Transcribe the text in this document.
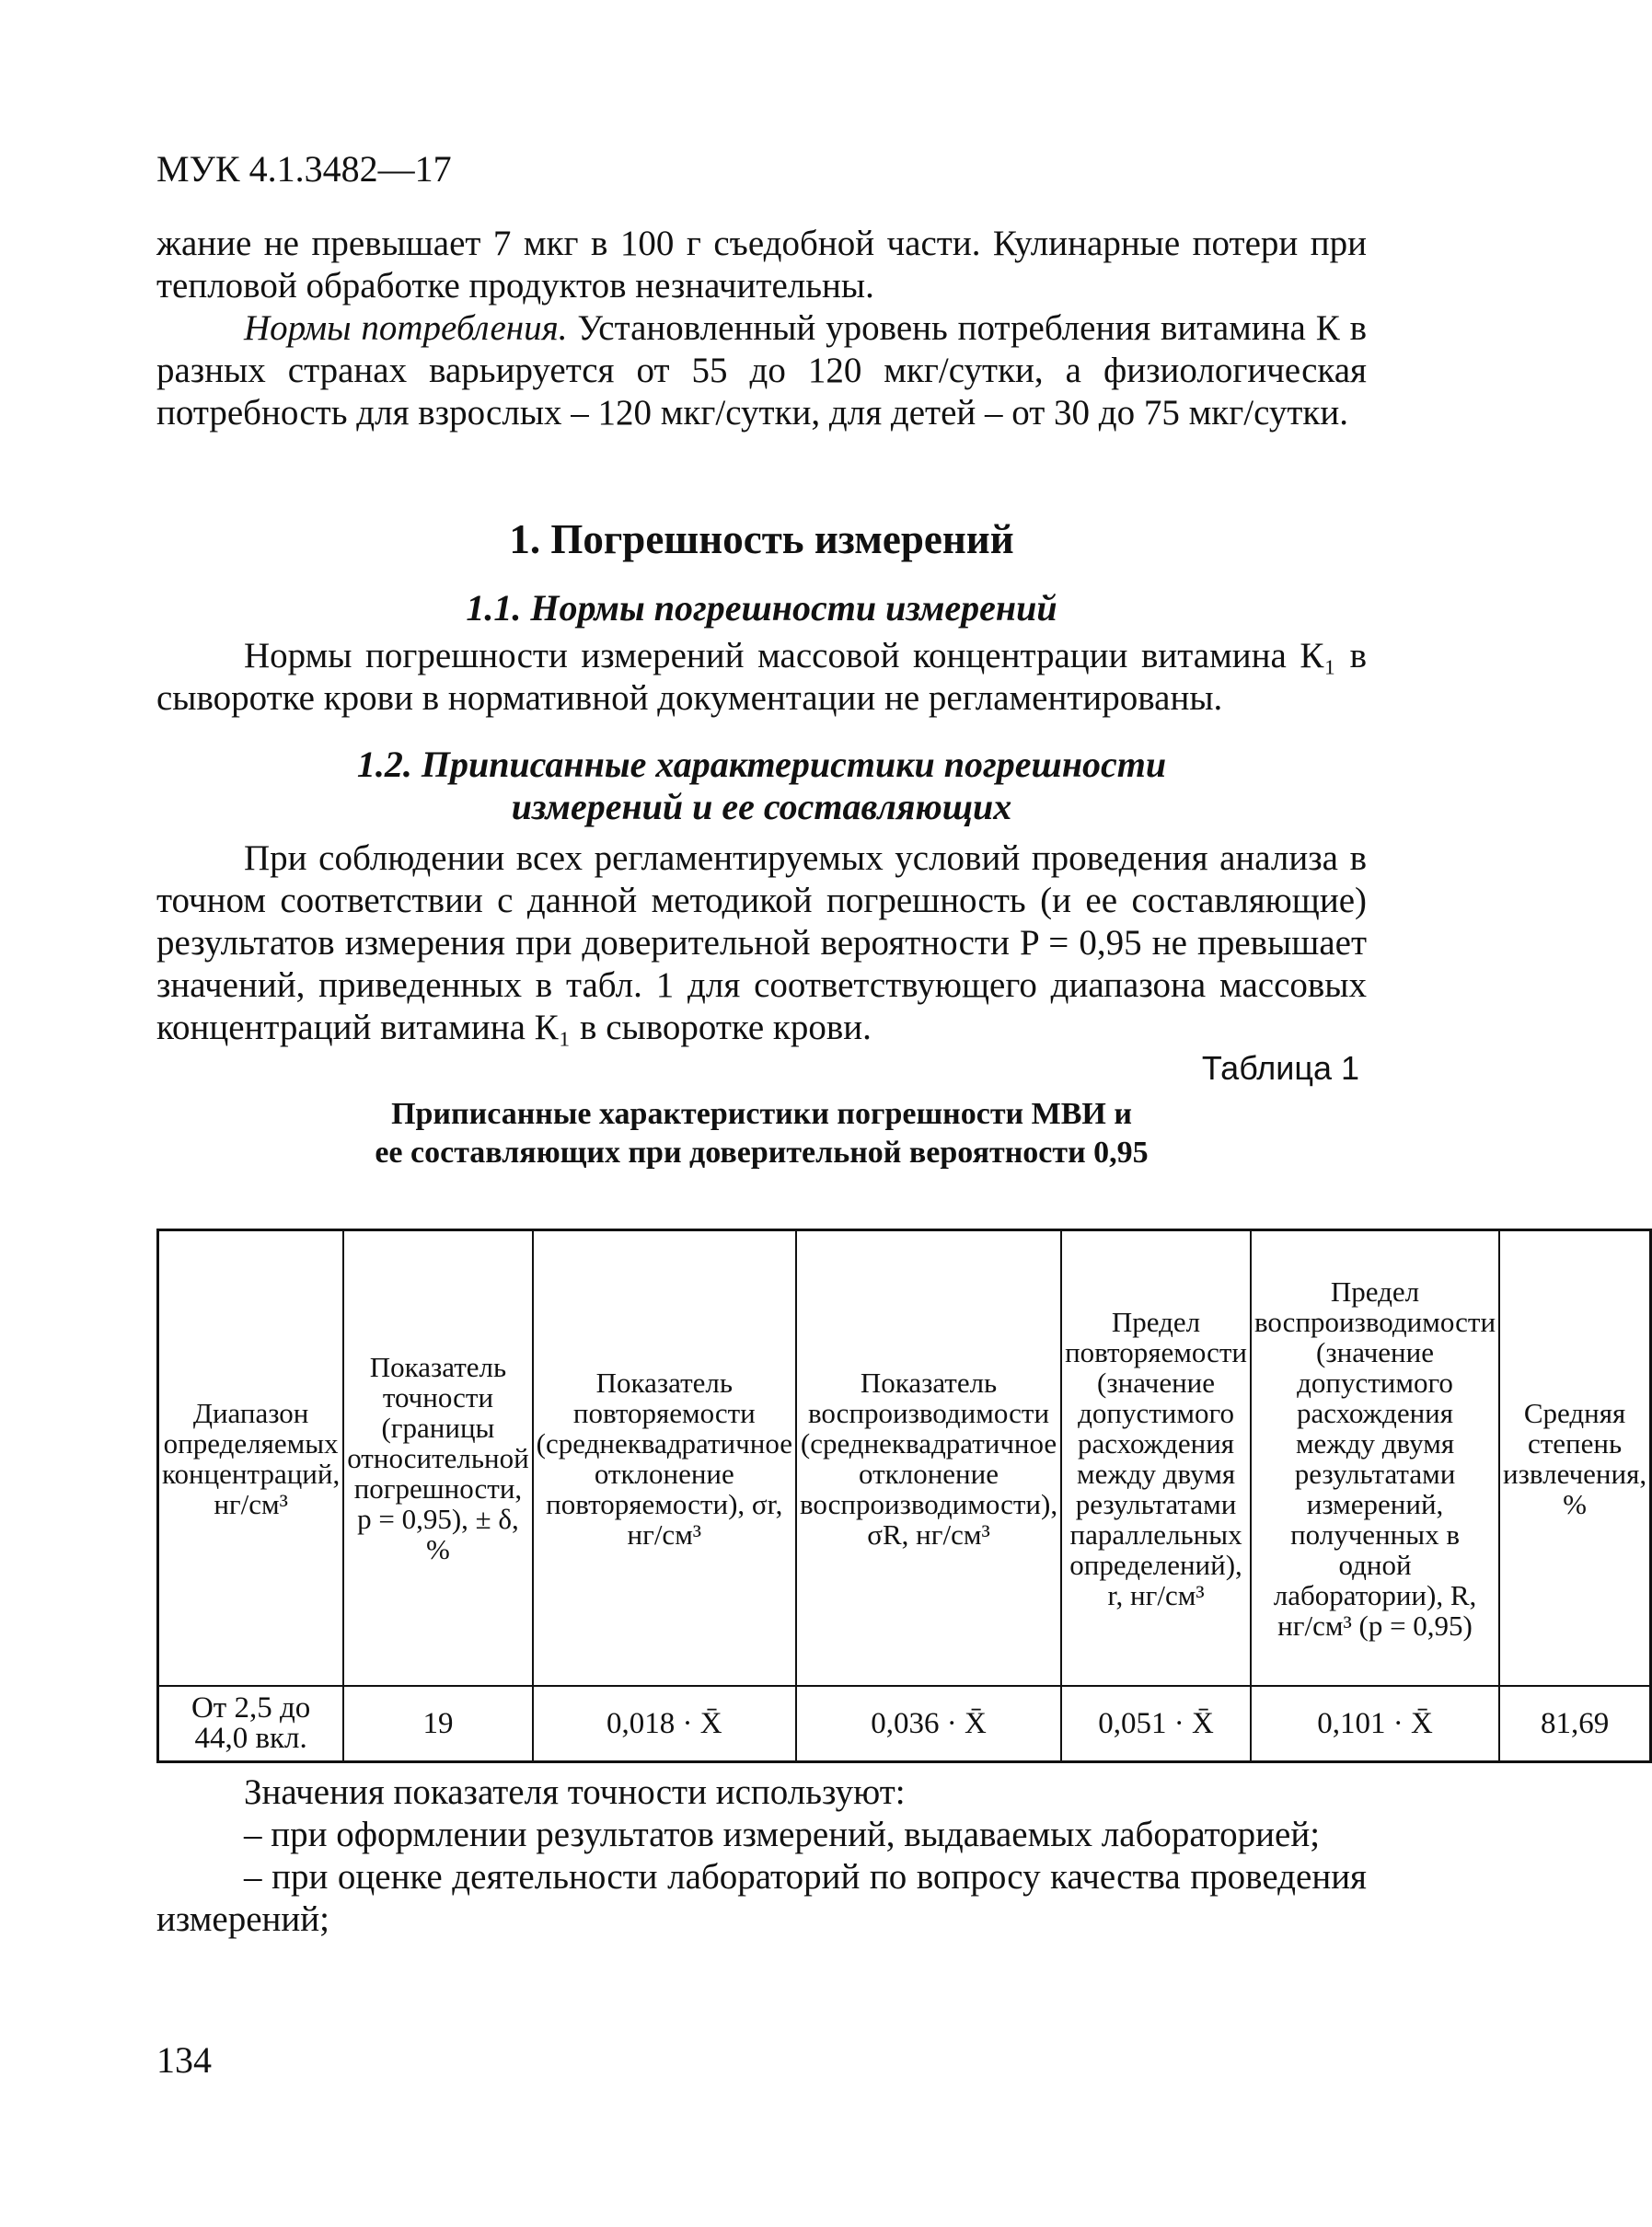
МУК 4.1.3482—17

жание не превышает 7 мкг в 100 г съедобной части. Кулинарные потери при тепловой обработке продуктов незначительны.

Нормы потребления. Установленный уровень потребления витамина К в разных странах варьируется от 55 до 120 мкг/сутки, а физиологическая потребность для взрослых – 120 мкг/сутки, для детей – от 30 до 75 мкг/сутки.

1. Погрешность измерений
1.1. Нормы погрешности измерений
Нормы погрешности измерений массовой концентрации витамина К₁ в сыворотке крови в нормативной документации не регламентированы.
1.2. Приписанные характеристики погрешности измерений и ее составляющих
При соблюдении всех регламентируемых условий проведения анализа в точном соответствии с данной методикой погрешность (и ее составляющие) результатов измерения при доверительной вероятности P = 0,95 не превышает значений, приведенных в табл. 1 для соответствующего диапазона массовых концентраций витамина К₁ в сыворотке крови.
Таблица 1
Приписанные характеристики погрешности МВИ и
ее составляющих при доверительной вероятности 0,95
Диапазон определяемых концентраций, нг/см³	Показатель точности (границы относительной погрешности, p = 0,95), ± δ, %	Показатель повторяемости (среднеквадратичное отклонение повторяемости), σr, нг/см³	Показатель воспроизводимости (среднеквадратичное отклонение воспроизводимости), σR, нг/см³	Предел повторяемости (значение допустимого расхождения между двумя результатами параллельных определений), r, нг/см³	Предел воспроизводимости (значение допустимого расхождения между двумя результатами измерений, полученных в одной лаборатории), R, нг/см³ (p = 0,95)	Средняя степень извлечения, %
От 2,5 до 44,0 вкл.	19	0,018 · X̄	0,036 · X̄	0,051 · X̄	0,101 · X̄	81,69

Значения показателя точности используют:

– при оформлении результатов измерений, выдаваемых лабораторией;

– при оценке деятельности лабораторий по вопросу качества проведения измерений;

134
